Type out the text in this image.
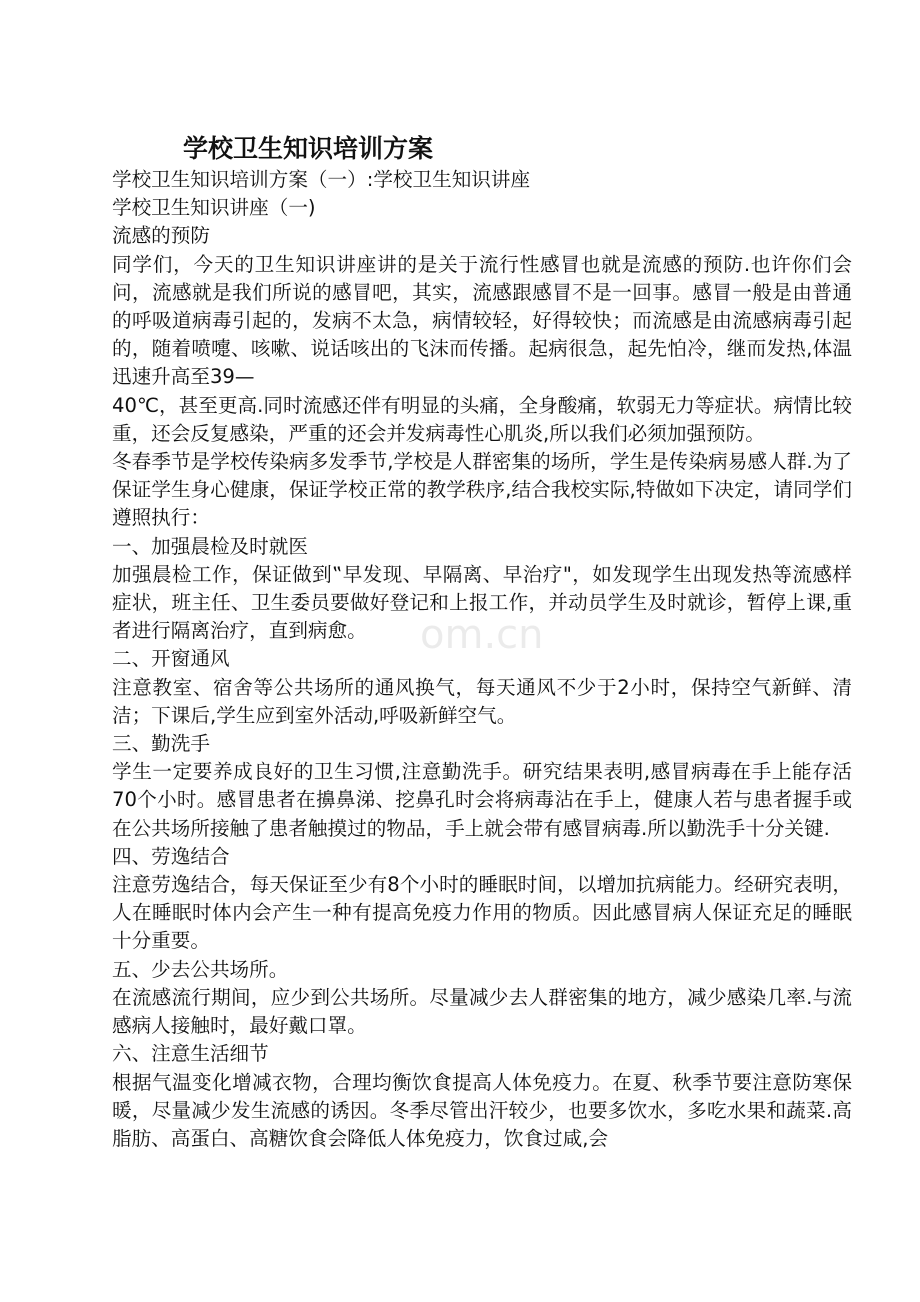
学校卫生知识培训方案

学校卫生知识培训方案（一）:学校卫生知识讲座

学校卫生知识讲座（一)

流感的预防

同学们，今天的卫生知识讲座讲的是关于流行性感冒也就是流感的预防.也许你们会问，流感就是我们所说的感冒吧，其实，流感跟感冒不是一回事。感冒一般是由普通的呼吸道病毒引起的，发病不太急，病情较轻，好得较快；而流感是由流感病毒引起的，随着喷嚏、咳嗽、说话咳出的飞沫而传播。起病很急，起先怕冷，继而发热,体温迅速升高至39—

40℃，甚至更高.同时流感还伴有明显的头痛，全身酸痛，软弱无力等症状。病情比较重，还会反复感染，严重的还会并发病毒性心肌炎,所以我们必须加强预防。

冬春季节是学校传染病多发季节,学校是人群密集的场所，学生是传染病易感人群.为了保证学生身心健康，保证学校正常的教学秩序,结合我校实际,特做如下决定，请同学们遵照执行：

一、加强晨检及时就医

加强晨检工作，保证做到‟早发现、早隔离、早治疗"，如发现学生出现发热等流感样症状，班主任、卫生委员要做好登记和上报工作，并动员学生及时就诊，暂停上课,重者进行隔离治疗，直到病愈。

二、开窗通风

注意教室、宿舍等公共场所的通风换气，每天通风不少于2小时，保持空气新鲜、清洁；下课后,学生应到室外活动,呼吸新鲜空气。

三、勤洗手

学生一定要养成良好的卫生习惯,注意勤洗手。研究结果表明,感冒病毒在手上能存活70个小时。感冒患者在擤鼻涕、挖鼻孔时会将病毒沾在手上，健康人若与患者握手或在公共场所接触了患者触摸过的物品，手上就会带有感冒病毒.所以勤洗手十分关键.

四、劳逸结合

注意劳逸结合，每天保证至少有8个小时的睡眠时间，以增加抗病能力。经研究表明，人在睡眠时体内会产生一种有提高免疫力作用的物质。因此感冒病人保证充足的睡眠十分重要。

五、少去公共场所。

在流感流行期间，应少到公共场所。尽量减少去人群密集的地方，减少感染几率.与流感病人接触时，最好戴口罩。

六、注意生活细节

根据气温变化增减衣物，合理均衡饮食提高人体免疫力。在夏、秋季节要注意防寒保暖，尽量减少发生流感的诱因。冬季尽管出汗较少，也要多饮水，多吃水果和蔬菜.高脂肪、高蛋白、高糖饮食会降低人体免疫力，饮食过咸,会

om.cn
